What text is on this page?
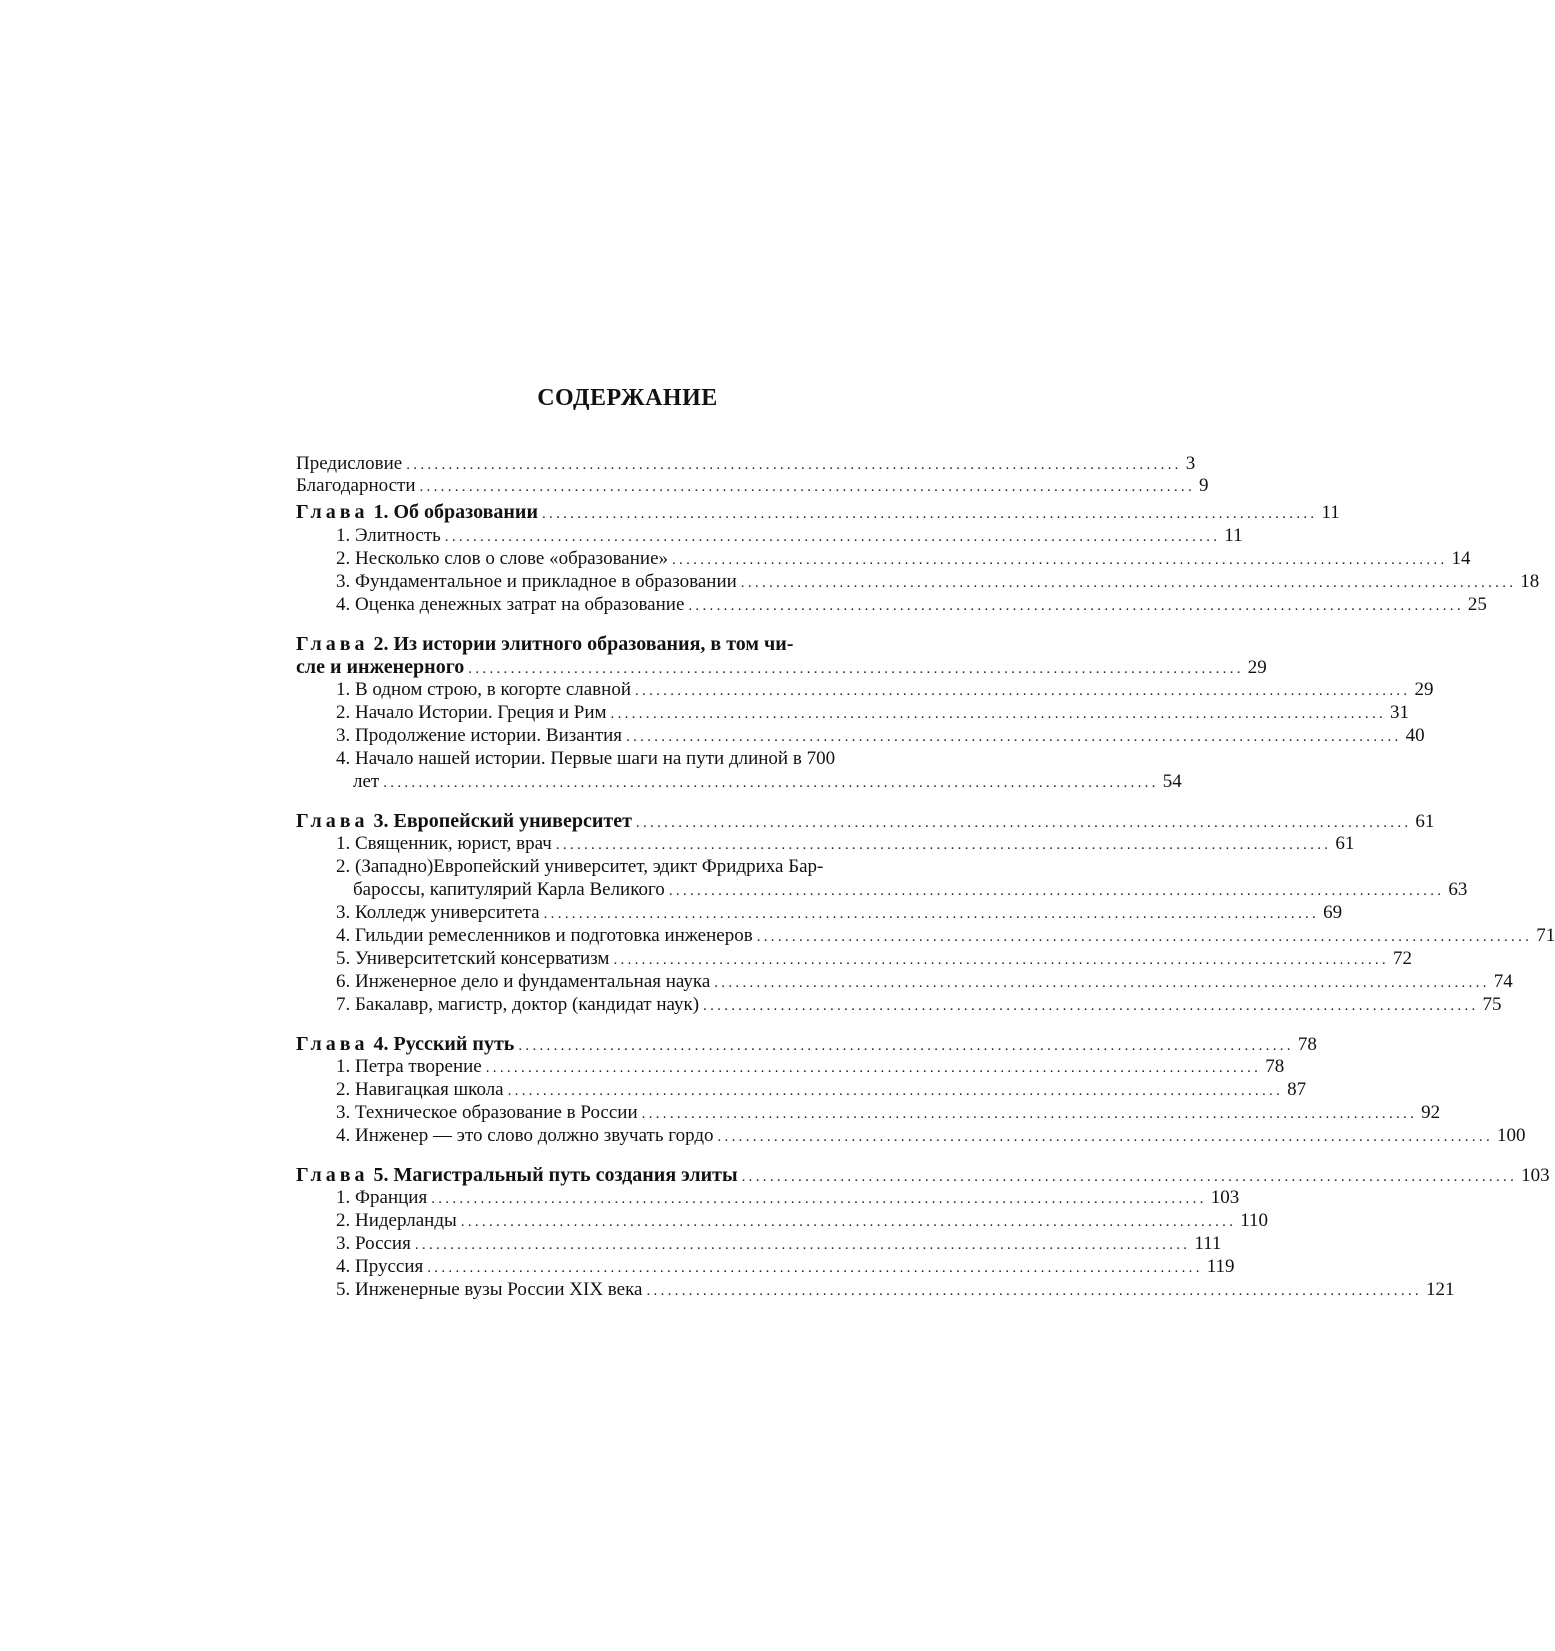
СОДЕРЖАНИЕ
Предисловие .............................................................................................................. 3
Благодарности .............................................................................................................. 9
Глава 1. Об образовании .............................................................................................................. 11
1. Элитность .............................................................................................................. 11
2. Несколько слов о слове «образование» .............................................................................................................. 14
3. Фундаментальное и прикладное в образовании .............................................................................................................. 18
4. Оценка денежных затрат на образование .............................................................................................................. 25
Глава 2. Из истории элитного образования, в том чи-
сле и инженерного .............................................................................................................. 29
1. В одном строю, в когорте славной .............................................................................................................. 29
2. Начало Истории. Греция и Рим .............................................................................................................. 31
3. Продолжение истории. Византия .............................................................................................................. 40
4. Начало нашей истории. Первые шаги на пути длиной в 700
лет .............................................................................................................. 54
Глава 3. Европейский университет .............................................................................................................. 61
1. Священник, юрист, врач .............................................................................................................. 61
2. (Западно)Европейский университет, эдикт Фридриха Бар-
бароссы, капитулярий Карла Великого .............................................................................................................. 63
3. Колледж университета .............................................................................................................. 69
4. Гильдии ремесленников и подготовка инженеров .............................................................................................................. 71
5. Университетский консерватизм .............................................................................................................. 72
6. Инженерное дело и фундаментальная наука .............................................................................................................. 74
7. Бакалавр, магистр, доктор (кандидат наук) .............................................................................................................. 75
Глава 4. Русский путь .............................................................................................................. 78
1. Петра творение .............................................................................................................. 78
2. Навигацкая школа .............................................................................................................. 87
3. Техническое образование в России .............................................................................................................. 92
4. Инженер — это слово должно звучать гордо .............................................................................................................. 100
Глава 5. Магистральный путь создания элиты .............................................................................................................. 103
1. Франция .............................................................................................................. 103
2. Нидерланды .............................................................................................................. 110
3. Россия .............................................................................................................. 111
4. Пруссия .............................................................................................................. 119
5. Инженерные вузы России XIX века .............................................................................................................. 121
